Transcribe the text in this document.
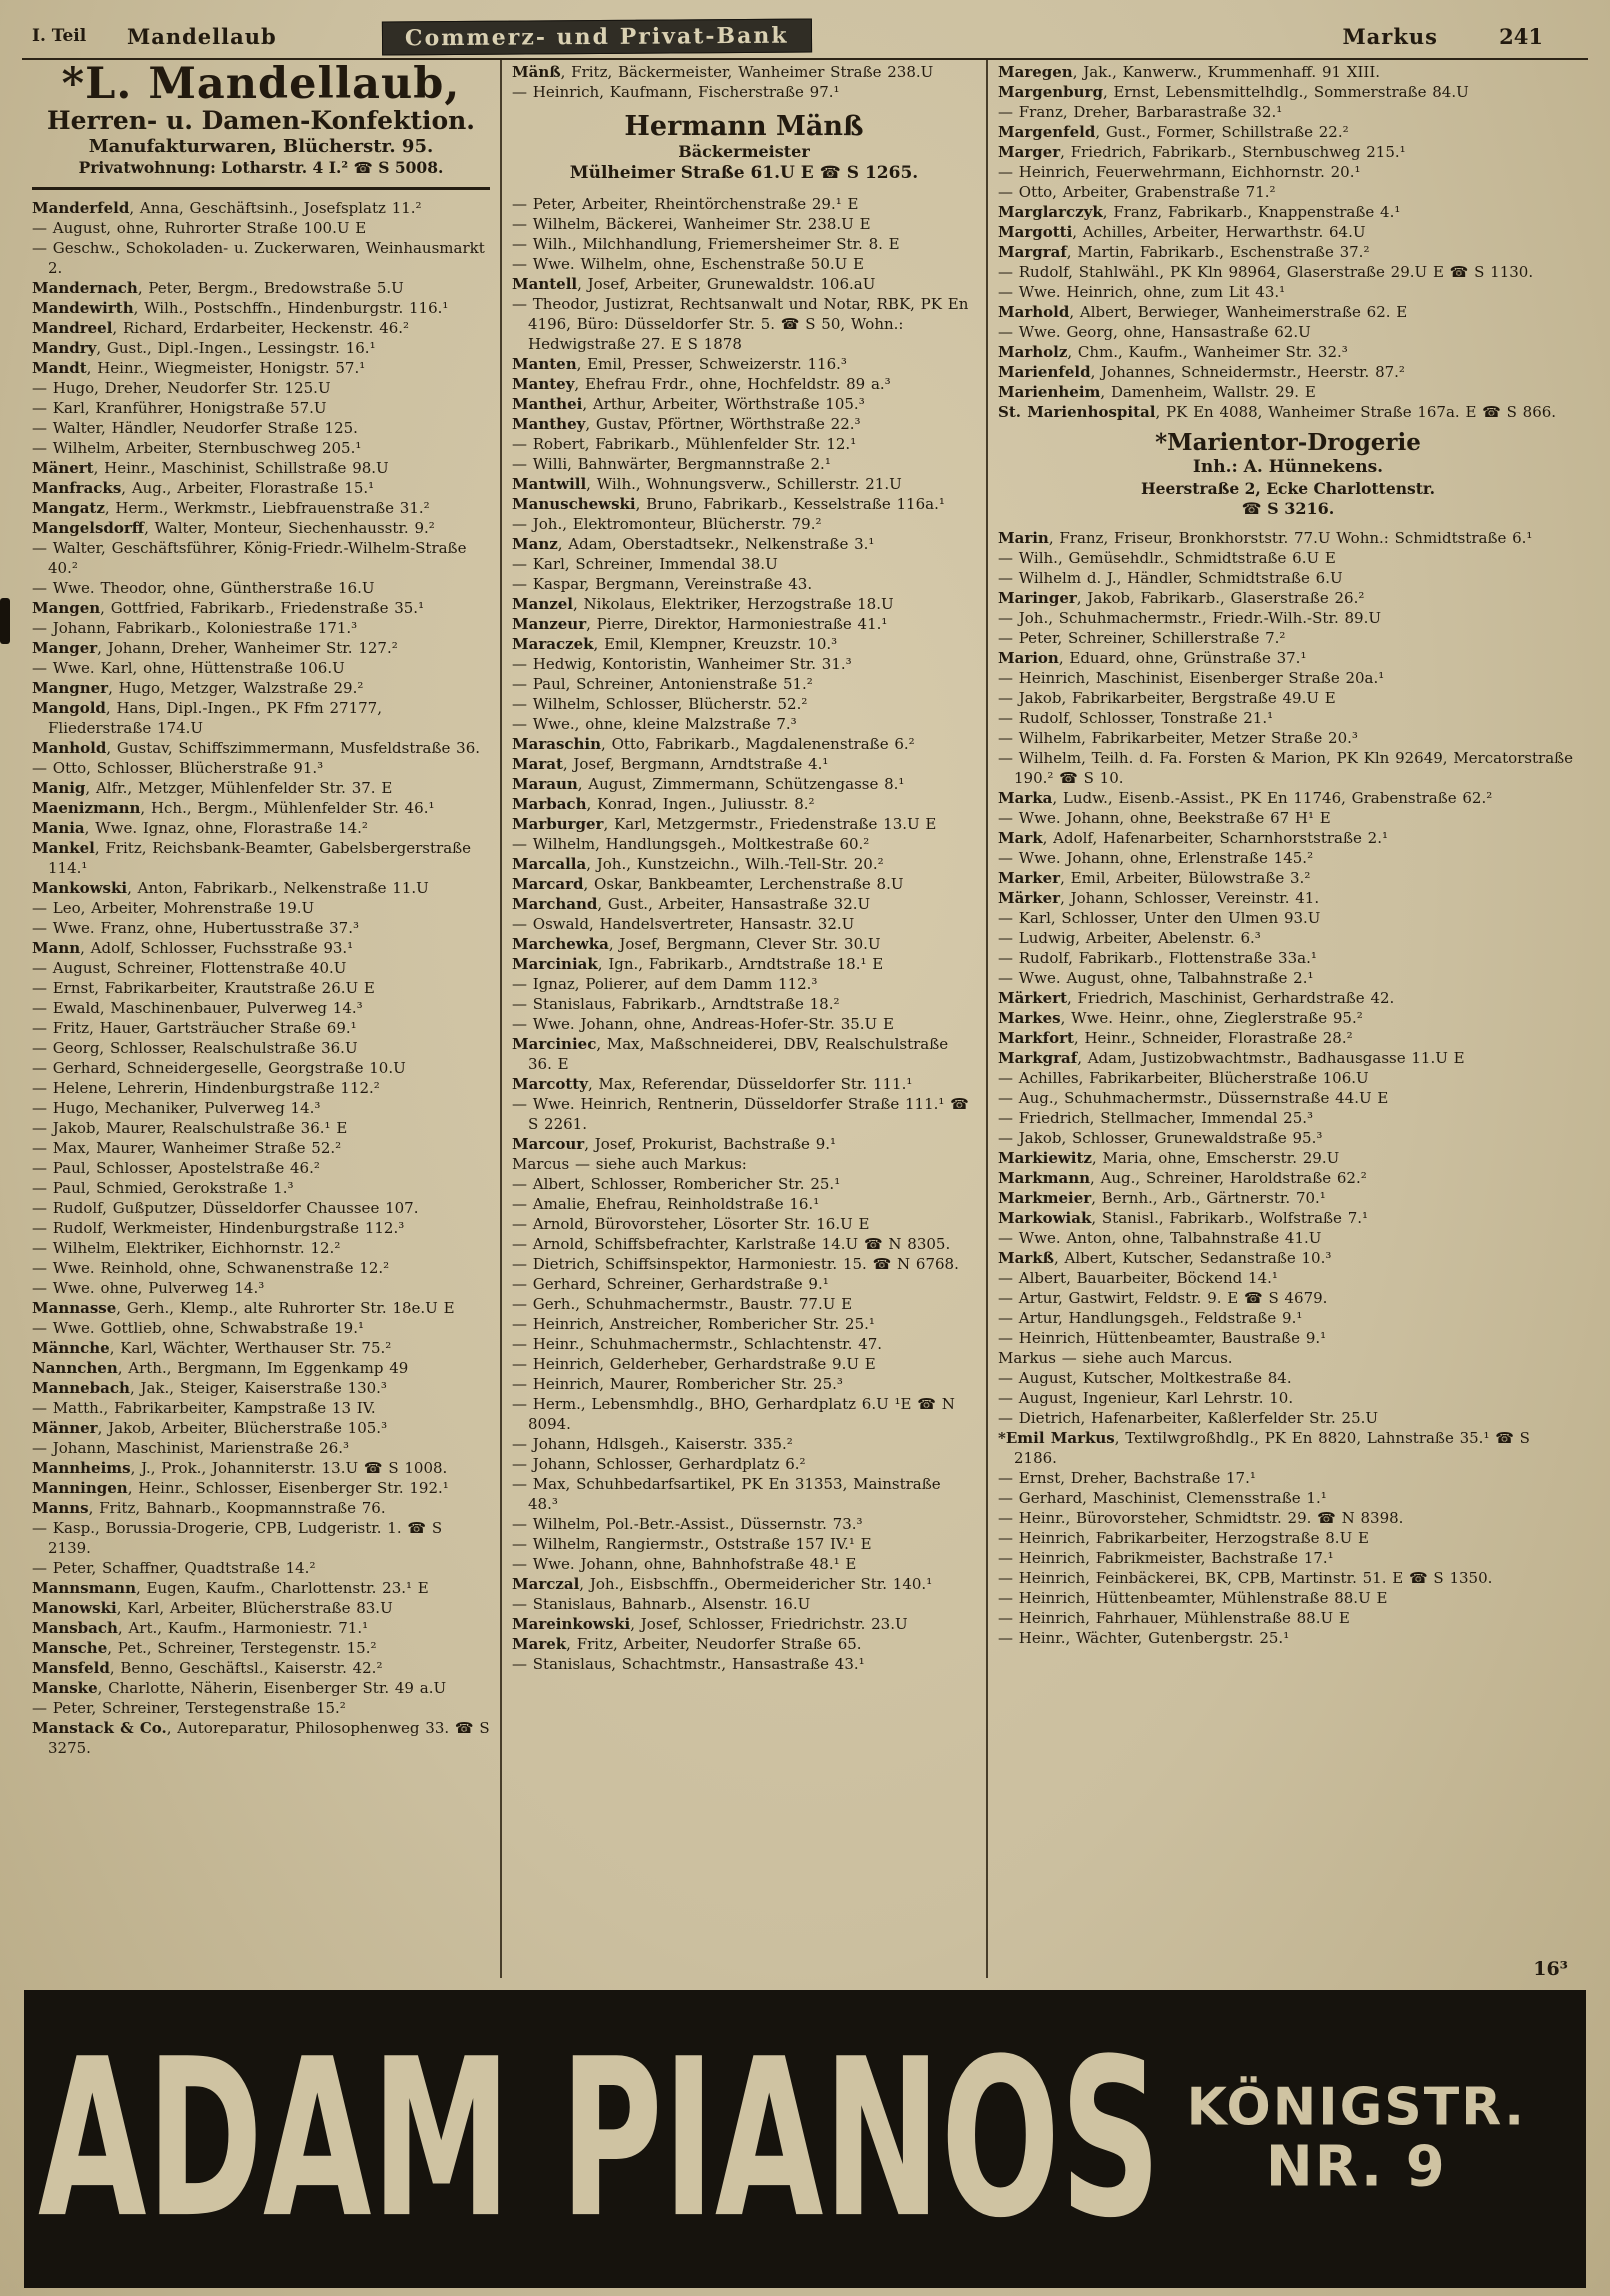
I. Teil Mandellaub	Commerz- und Privat-Bank	Markus	241
*L. Mandellaub,
Herren- u. Damen-Konfektion.
Manufakturwaren, Blücherstr. 95.
Privatwohnung: Lotharstr. 4 I.² ☎ S 5008.
Manderfeld, Anna, Geschäftsinh., Josefsplatz 11.²
— August, ohne, Ruhrorter Straße 100.U E
— Geschw., Schokoladen- u. Zuckerwaren, Weinhausmarkt 2.
Mandernach, Peter, Bergm., Bredowstraße 5.U
Mandewirth, Wilh., Postschffn., Hindenburgstr. 116.¹
Mandreel, Richard, Erdarbeiter, Heckenstr. 46.²
Mandry, Gust., Dipl.-Ingen., Lessingstr. 16.¹
Mandt, Heinr., Wiegmeister, Honigstr. 57.¹
— Hugo, Dreher, Neudorfer Str. 125.U
— Karl, Kranführer, Honigstraße 57.U
— Walter, Händler, Neudorfer Straße 125.
— Wilhelm, Arbeiter, Sternbuschweg 205.¹
Mänert, Heinr., Maschinist, Schillstraße 98.U
Manfracks, Aug., Arbeiter, Florastraße 15.¹
Mangatz, Herm., Werkmstr., Liebfrauenstraße 31.²
Mangelsdorff, Walter, Monteur, Siechenhausstr. 9.²
— Walter, Geschäftsführer, König-Friedr.-Wilhelm-Straße 40.²
— Wwe. Theodor, ohne, Güntherstraße 16.U
Mangen, Gottfried, Fabrikarb., Friedenstraße 35.¹
— Johann, Fabrikarb., Koloniestraße 171.³
Manger, Johann, Dreher, Wanheimer Str. 127.²
— Wwe. Karl, ohne, Hüttenstraße 106.U
Mangner, Hugo, Metzger, Walzstraße 29.²
Mangold, Hans, Dipl.-Ingen., PK Ffm 27177, Fliederstraße 174.U
Manhold, Gustav, Schiffszimmermann, Musfeldstraße 36.
— Otto, Schlosser, Blücherstraße 91.³
Manig, Alfr., Metzger, Mühlenfelder Str. 37. E
Maenizmann, Hch., Bergm., Mühlenfelder Str. 46.¹
Mania, Wwe. Ignaz, ohne, Florastraße 14.²
Mankel, Fritz, Reichsbank-Beamter, Gabelsbergerstraße 114.¹
Mankowski, Anton, Fabrikarb., Nelkenstraße 11.U
— Leo, Arbeiter, Mohrenstraße 19.U
— Wwe. Franz, ohne, Hubertusstraße 37.³
Mann, Adolf, Schlosser, Fuchsstraße 93.¹
— August, Schreiner, Flottenstraße 40.U
— Ernst, Fabrikarbeiter, Krautstraße 26.U E
— Ewald, Maschinenbauer, Pulverweg 14.³
— Fritz, Hauer, Gartsträucher Straße 69.¹
— Georg, Schlosser, Realschulstraße 36.U
— Gerhard, Schneidergeselle, Georgstraße 10.U
— Helene, Lehrerin, Hindenburgstraße 112.²
— Hugo, Mechaniker, Pulverweg 14.³
— Jakob, Maurer, Realschulstraße 36.¹ E
— Max, Maurer, Wanheimer Straße 52.²
— Paul, Schlosser, Apostelstraße 46.²
— Paul, Schmied, Gerokstraße 1.³
— Rudolf, Gußputzer, Düsseldorfer Chaussee 107.
— Rudolf, Werkmeister, Hindenburgstraße 112.³
— Wilhelm, Elektriker, Eichhornstr. 12.²
— Wwe. Reinhold, ohne, Schwanenstraße 12.²
— Wwe. ohne, Pulverweg 14.³
Mannasse, Gerh., Klemp., alte Ruhrorter Str. 18e.U E
— Wwe. Gottlieb, ohne, Schwabstraße 19.¹
Männche, Karl, Wächter, Werthauser Str. 75.²
Nannchen, Arth., Bergmann, Im Eggenkamp 49
Mannebach, Jak., Steiger, Kaiserstraße 130.³
— Matth., Fabrikarbeiter, Kampstraße 13 IV.
Männer, Jakob, Arbeiter, Blücherstraße 105.³
— Johann, Maschinist, Marienstraße 26.³
Mannheims, J., Prok., Johanniterstr. 13.U ☎ S 1008.
Manningen, Heinr., Schlosser, Eisenberger Str. 192.¹
Manns, Fritz, Bahnarb., Koopmannstraße 76.
— Kasp., Borussia-Drogerie, CPB, Ludgeristr. 1. ☎ S 2139.
— Peter, Schaffner, Quadtstraße 14.²
Mannsmann, Eugen, Kaufm., Charlottenstr. 23.¹ E
Manowski, Karl, Arbeiter, Blücherstraße 83.U
Mansbach, Art., Kaufm., Harmoniestr. 71.¹
Mansche, Pet., Schreiner, Terstegenstr. 15.²
Mansfeld, Benno, Geschäftsl., Kaiserstr. 42.²
Manske, Charlotte, Näherin, Eisenberger Str. 49 a.U
— Peter, Schreiner, Terstegenstraße 15.²
Manstack & Co., Autoreparatur, Philosophenweg 33. ☎ S 3275.
Mänß, Fritz, Bäckermeister, Wanheimer Straße 238.U
— Heinrich, Kaufmann, Fischerstraße 97.¹
Hermann Mänß
Bäckermeister
Mülheimer Straße 61.U E ☎ S 1265.
— Peter, Arbeiter, Rheintörchenstraße 29.¹ E
— Wilhelm, Bäckerei, Wanheimer Str. 238.U E
— Wilh., Milchhandlung, Friemersheimer Str. 8. E
— Wwe. Wilhelm, ohne, Eschenstraße 50.U E
Mantell, Josef, Arbeiter, Grunewaldstr. 106.aU
— Theodor, Justizrat, Rechtsanwalt und Notar, RBK, PK En 4196, Büro: Düsseldorfer Str. 5. ☎ S 50, Wohn.: Hedwigstraße 27. E S 1878
Manten, Emil, Presser, Schweizerstr. 116.³
Mantey, Ehefrau Frdr., ohne, Hochfeldstr. 89 a.³
Manthei, Arthur, Arbeiter, Wörthstraße 105.³
Manthey, Gustav, Pförtner, Wörthstraße 22.³
— Robert, Fabrikarb., Mühlenfelder Str. 12.¹
— Willi, Bahnwärter, Bergmannstraße 2.¹
Mantwill, Wilh., Wohnungsverw., Schillerstr. 21.U
Manuschewski, Bruno, Fabrikarb., Kesselstraße 116a.¹
— Joh., Elektromonteur, Blücherstr. 79.²
Manz, Adam, Oberstadtsekr., Nelkenstraße 3.¹
— Karl, Schreiner, Immendal 38.U
— Kaspar, Bergmann, Vereinstraße 43.
Manzel, Nikolaus, Elektriker, Herzogstraße 18.U
Manzeur, Pierre, Direktor, Harmoniestraße 41.¹
Maraczek, Emil, Klempner, Kreuzstr. 10.³
— Hedwig, Kontoristin, Wanheimer Str. 31.³
— Paul, Schreiner, Antonienstraße 51.²
— Wilhelm, Schlosser, Blücherstr. 52.²
— Wwe., ohne, kleine Malzstraße 7.³
Maraschin, Otto, Fabrikarb., Magdalenenstraße 6.²
Marat, Josef, Bergmann, Arndtstraße 4.¹
Maraun, August, Zimmermann, Schützengasse 8.¹
Marbach, Konrad, Ingen., Juliusstr. 8.²
Marburger, Karl, Metzgermstr., Friedenstraße 13.U E
— Wilhelm, Handlungsgeh., Moltkestraße 60.²
Marcalla, Joh., Kunstzeichn., Wilh.-Tell-Str. 20.²
Marcard, Oskar, Bankbeamter, Lerchenstraße 8.U
Marchand, Gust., Arbeiter, Hansastraße 32.U
— Oswald, Handelsvertreter, Hansastr. 32.U
Marchewka, Josef, Bergmann, Clever Str. 30.U
Marciniak, Ign., Fabrikarb., Arndtstraße 18.¹ E
— Ignaz, Polierer, auf dem Damm 112.³
— Stanislaus, Fabrikarb., Arndtstraße 18.²
— Wwe. Johann, ohne, Andreas-Hofer-Str. 35.U E
Marciniec, Max, Maßschneiderei, DBV, Realschulstraße 36. E
Marcotty, Max, Referendar, Düsseldorfer Str. 111.¹
— Wwe. Heinrich, Rentnerin, Düsseldorfer Straße 111.¹ ☎ S 2261.
Marcour, Josef, Prokurist, Bachstraße 9.¹
Marcus — siehe auch Markus:
— Albert, Schlosser, Rombericher Str. 25.¹
— Amalie, Ehefrau, Reinholdstraße 16.¹
— Arnold, Bürovorsteher, Lösorter Str. 16.U E
— Arnold, Schiffsbefrachter, Karlstraße 14.U ☎ N 8305.
— Dietrich, Schiffsinspektor, Harmoniestr. 15. ☎ N 6768.
— Gerhard, Schreiner, Gerhardstraße 9.¹
— Gerh., Schuhmachermstr., Baustr. 77.U E
— Heinrich, Anstreicher, Rombericher Str. 25.¹
— Heinr., Schuhmachermstr., Schlachtenstr. 47.
— Heinrich, Gelderheber, Gerhardstraße 9.U E
— Heinrich, Maurer, Rombericher Str. 25.³
— Herm., Lebensmhdlg., BHO, Gerhardplatz 6.U ¹E ☎ N 8094.
— Johann, Hdlsgeh., Kaiserstr. 335.²
— Johann, Schlosser, Gerhardplatz 6.²
— Max, Schuhbedarfsartikel, PK En 31353, Mainstraße 48.³
— Wilhelm, Pol.-Betr.-Assist., Düssernstr. 73.³
— Wilhelm, Rangiermstr., Oststraße 157 IV.¹ E
— Wwe. Johann, ohne, Bahnhofstraße 48.¹ E
Marczal, Joh., Eisbschffn., Obermeidericher Str. 140.¹
— Stanislaus, Bahnarb., Alsenstr. 16.U
Mareinkowski, Josef, Schlosser, Friedrichstr. 23.U
Marek, Fritz, Arbeiter, Neudorfer Straße 65.
— Stanislaus, Schachtmstr., Hansastraße 43.¹
Maregen, Jak., Kanwerw., Krummenhaff. 91 XIII.
Margenburg, Ernst, Lebensmittelhdlg., Sommerstraße 84.U
— Franz, Dreher, Barbarastraße 32.¹
Margenfeld, Gust., Former, Schillstraße 22.²
Marger, Friedrich, Fabrikarb., Sternbuschweg 215.¹
— Heinrich, Feuerwehrmann, Eichhornstr. 20.¹
— Otto, Arbeiter, Grabenstraße 71.²
Marglarczyk, Franz, Fabrikarb., Knappenstraße 4.¹
Margotti, Achilles, Arbeiter, Herwarthstr. 64.U
Margraf, Martin, Fabrikarb., Eschenstraße 37.²
— Rudolf, Stahlwähl., PK Kln 98964, Glaserstraße 29.U E ☎ S 1130.
— Wwe. Heinrich, ohne, zum Lit 43.¹
Marhold, Albert, Berwieger, Wanheimerstraße 62. E
— Wwe. Georg, ohne, Hansastraße 62.U
Marholz, Chm., Kaufm., Wanheimer Str. 32.³
Marienfeld, Johannes, Schneidermstr., Heerstr. 87.²
Marienheim, Damenheim, Wallstr. 29. E
St. Marienhospital, PK En 4088, Wanheimer Straße 167a. E ☎ S 866.
*Marientor-Drogerie
Inh.: A. Hünnekens.
Heerstraße 2, Ecke Charlottenstr.
☎ S 3216.
Marin, Franz, Friseur, Bronkhorststr. 77.U Wohn.: Schmidtstraße 6.¹
— Wilh., Gemüsehdlr., Schmidtstraße 6.U E
— Wilhelm d. J., Händler, Schmidtstraße 6.U
Maringer, Jakob, Fabrikarb., Glaserstraße 26.²
— Joh., Schuhmachermstr., Friedr.-Wilh.-Str. 89.U
— Peter, Schreiner, Schillerstraße 7.²
Marion, Eduard, ohne, Grünstraße 37.¹
— Heinrich, Maschinist, Eisenberger Straße 20a.¹
— Jakob, Fabrikarbeiter, Bergstraße 49.U E
— Rudolf, Schlosser, Tonstraße 21.¹
— Wilhelm, Fabrikarbeiter, Metzer Straße 20.³
— Wilhelm, Teilh. d. Fa. Forsten & Marion, PK Kln 92649, Mercatorstraße 190.² ☎ S 10.
Marka, Ludw., Eisenb.-Assist., PK En 11746, Grabenstraße 62.²
— Wwe. Johann, ohne, Beekstraße 67 H¹ E
Mark, Adolf, Hafenarbeiter, Scharnhorststraße 2.¹
— Wwe. Johann, ohne, Erlenstraße 145.²
Marker, Emil, Arbeiter, Bülowstraße 3.²
Märker, Johann, Schlosser, Vereinstr. 41.
— Karl, Schlosser, Unter den Ulmen 93.U
— Ludwig, Arbeiter, Abelenstr. 6.³
— Rudolf, Fabrikarb., Flottenstraße 33a.¹
— Wwe. August, ohne, Talbahnstraße 2.¹
Märkert, Friedrich, Maschinist, Gerhardstraße 42.
Markes, Wwe. Heinr., ohne, Zieglerstraße 95.²
Markfort, Heinr., Schneider, Florastraße 28.²
Markgraf, Adam, Justizobwachtmstr., Badhausgasse 11.U E
— Achilles, Fabrikarbeiter, Blücherstraße 106.U
— Aug., Schuhmachermstr., Düssernstraße 44.U E
— Friedrich, Stellmacher, Immendal 25.³
— Jakob, Schlosser, Grunewaldstraße 95.³
Markiewitz, Maria, ohne, Emscherstr. 29.U
Markmann, Aug., Schreiner, Haroldstraße 62.²
Markmeier, Bernh., Arb., Gärtnerstr. 70.¹
Markowiak, Stanisl., Fabrikarb., Wolfstraße 7.¹
— Wwe. Anton, ohne, Talbahnstraße 41.U
Markß, Albert, Kutscher, Sedanstraße 10.³
— Albert, Bauarbeiter, Böckend 14.¹
— Artur, Gastwirt, Feldstr. 9. E ☎ S 4679.
— Artur, Handlungsgeh., Feldstraße 9.¹
— Heinrich, Hüttenbeamter, Baustraße 9.¹
Markus — siehe auch Marcus.
— August, Kutscher, Moltkestraße 84.
— August, Ingenieur, Karl Lehrstr. 10.
— Dietrich, Hafenarbeiter, Kaßlerfelder Str. 25.U
*Emil Markus, Textilwgroßhdlg., PK En 8820, Lahnstraße 35.¹ ☎ S 2186.
— Ernst, Dreher, Bachstraße 17.¹
— Gerhard, Maschinist, Clemensstraße 1.¹
— Heinr., Bürovorsteher, Schmidtstr. 29. ☎ N 8398.
— Heinrich, Fabrikarbeiter, Herzogstraße 8.U E
— Heinrich, Fabrikmeister, Bachstraße 17.¹
— Heinrich, Feinbäckerei, BK, CPB, Martinstr. 51. E ☎ S 1350.
— Heinrich, Hüttenbeamter, Mühlenstraße 88.U E
— Heinrich, Fahrhauer, Mühlenstraße 88.U E
— Heinr., Wächter, Gutenbergstr. 25.¹
16³
ADAM PIANOS KÖNIGSTR.
NR. 9
